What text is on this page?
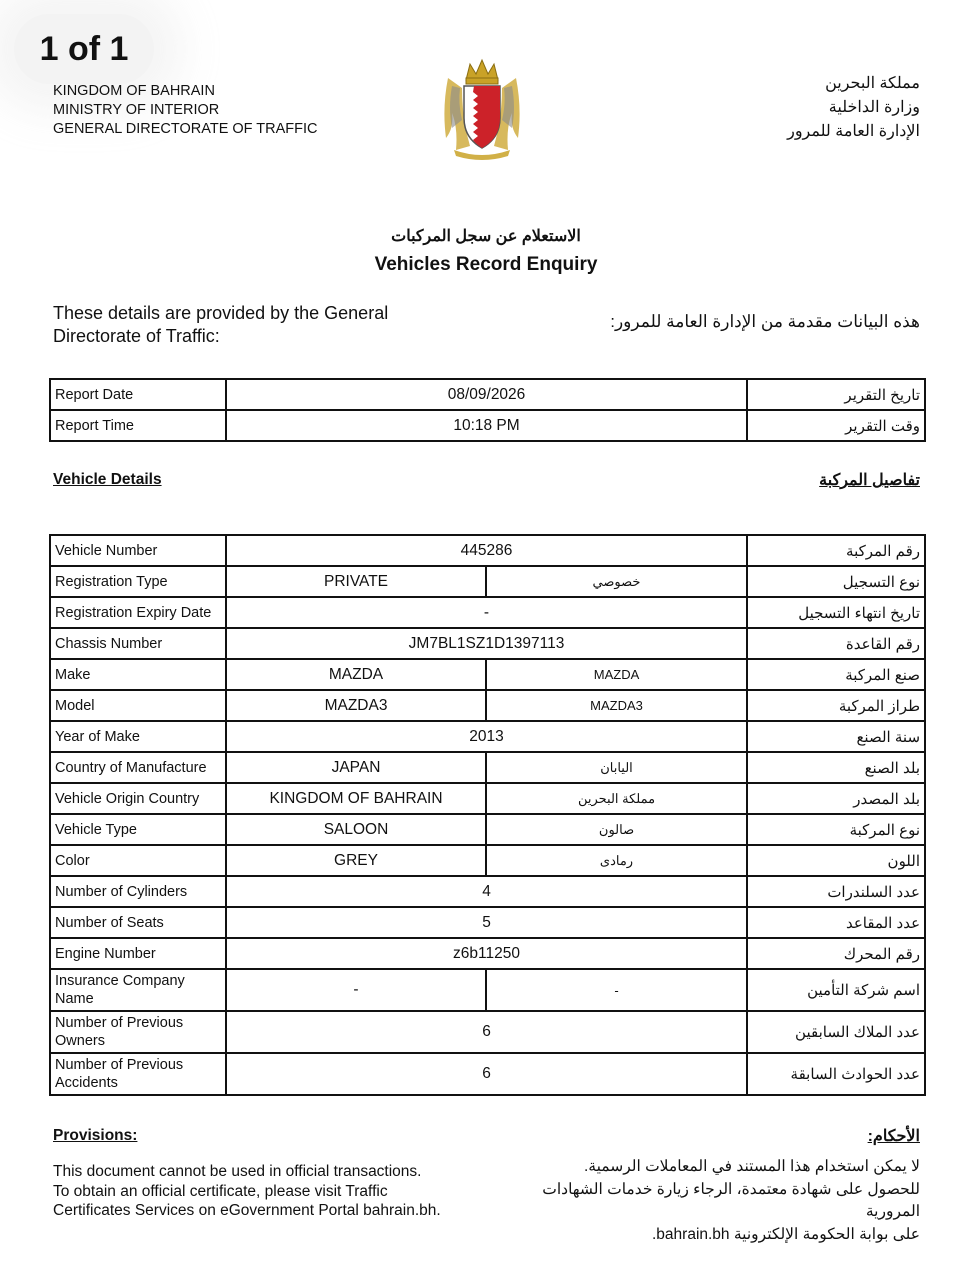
1 of 1
KINGDOM OF BAHRAIN
MINISTRY OF INTERIOR
GENERAL DIRECTORATE OF TRAFFIC
مملكة البحرين
وزارة الداخلية
الإدارة العامة للمرور
الاستعلام عن سجل المركبات
Vehicles Record Enquiry
These details are provided by the General Directorate of Traffic:
هذه البيانات مقدمة من الإدارة العامة للمرور:
Report Date	08/09/2026	تاريخ التقرير
Report Time	10:18 PM	وقت التقرير
Vehicle Details	تفاصيل المركبة
Vehicle Number	445286		رقم المركبة
Registration Type	PRIVATE	خصوصي	نوع التسجيل
Registration Expiry Date	-		تاريخ انتهاء التسجيل
Chassis Number	JM7BL1SZ1D1397113		رقم القاعدة
Make	MAZDA	MAZDA	صنع المركبة
Model	MAZDA3	MAZDA3	طراز المركبة
Year of Make	2013		سنة الصنع
Country of Manufacture	JAPAN	اليابان	بلد الصنع
Vehicle Origin Country	KINGDOM OF BAHRAIN	مملكة البحرين	بلد المصدر
Vehicle Type	SALOON	صالون	نوع المركبة
Color	GREY	رمادى	اللون
Number of Cylinders	4		عدد السلندرات
Number of Seats	5		عدد المقاعد
Engine Number	z6b11250		رقم المحرك
Insurance Company Name	-	-	اسم شركة التأمين
Number of Previous Owners	6		عدد الملاك السابقين
Number of Previous Accidents	6		عدد الحوادث السابقة
Provisions:	الأحكام:
This document cannot be used in official transactions.
To obtain an official certificate, please visit Traffic
Certificates Services on eGovernment Portal bahrain.bh.
لا يمكن استخدام هذا المستند في المعاملات الرسمية.
للحصول على شهادة معتمدة، الرجاء زيارة خدمات الشهادات المرورية
على بوابة الحكومة الإلكترونية bahrain.bh.
